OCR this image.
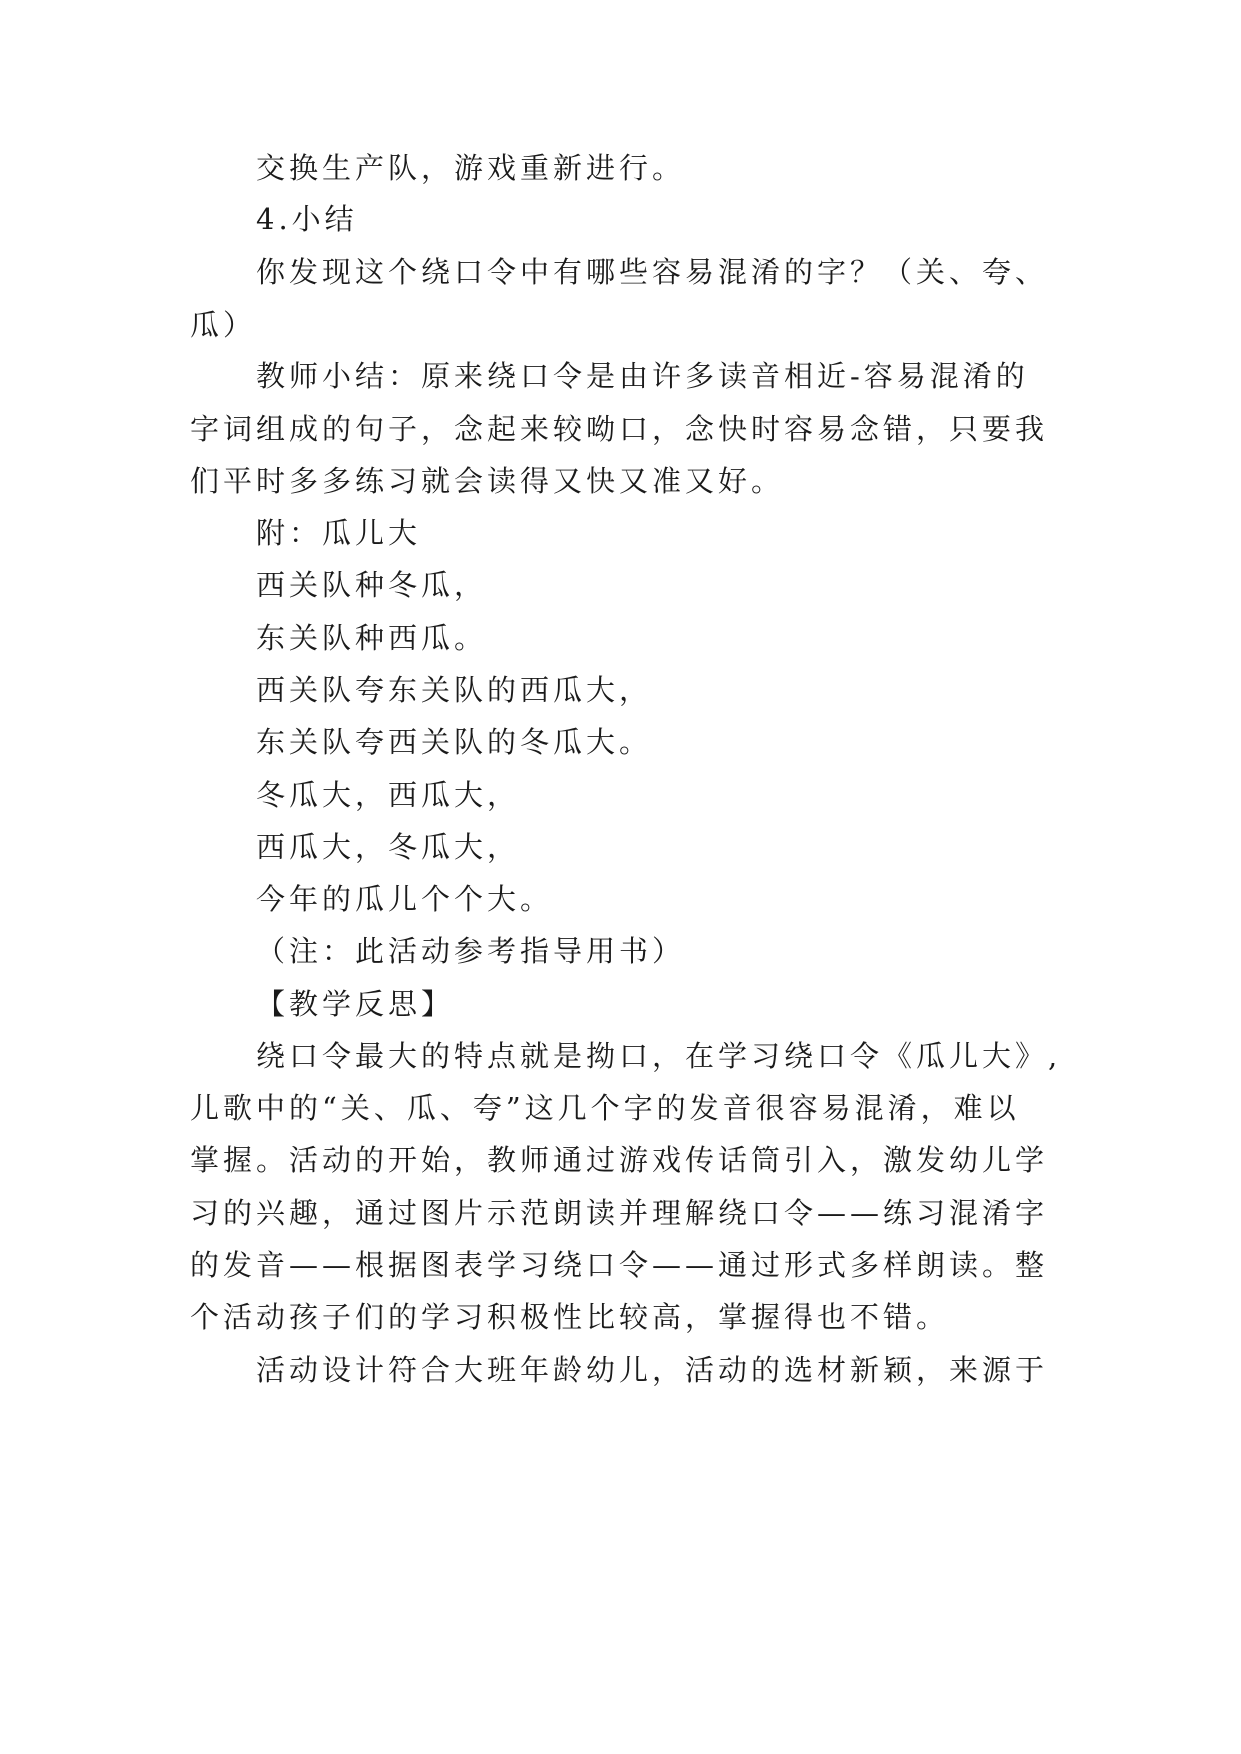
交换生产队，游戏重新进行。
4.小结
你发现这个绕口令中有哪些容易混淆的字？（关、夸、
瓜）
教师小结：原来绕口令是由许多读音相近-容易混淆的
字词组成的句子，念起来较呦口，念快时容易念错，只要我
们平时多多练习就会读得又快又准又好。
附：瓜儿大
西关队种冬瓜，
东关队种西瓜。
西关队夸东关队的西瓜大，
东关队夸西关队的冬瓜大。
冬瓜大，西瓜大，
西瓜大，冬瓜大，
今年的瓜儿个个大。
（注：此活动参考指导用书）
【教学反思】
绕口令最大的特点就是拗口，在学习绕口令《瓜儿大》,
儿歌中的“关、瓜、夸”这几个字的发音很容易混淆，难以
掌握。活动的开始，教师通过游戏传话筒引入，激发幼儿学
习的兴趣，通过图片示范朗读并理解绕口令——练习混淆字
的发音——根据图表学习绕口令——通过形式多样朗读。整
个活动孩子们的学习积极性比较高，掌握得也不错。
活动设计符合大班年龄幼儿，活动的选材新颖，来源于
